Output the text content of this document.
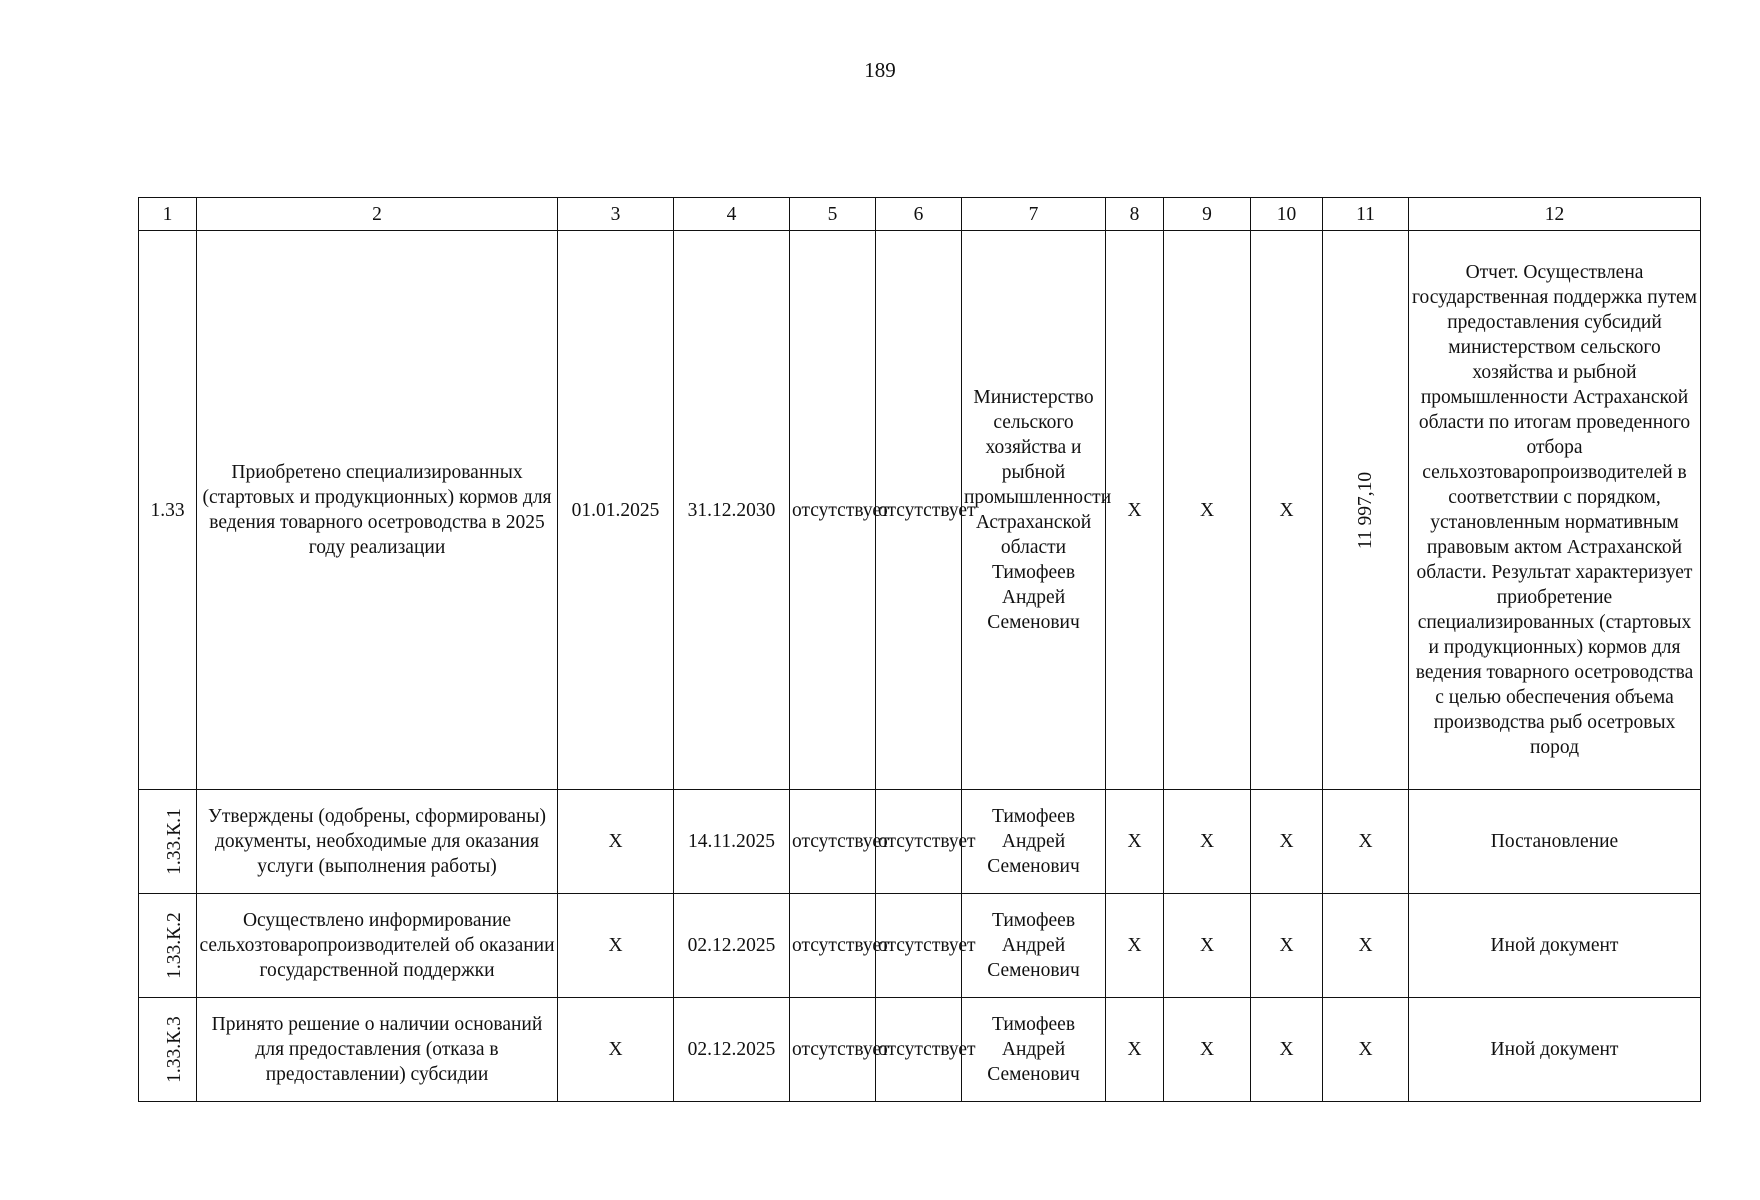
189
1	2	3	4	5	6	7	8	9	10	11	12
1.33	Приобретено специализированных (стартовых и продукционных) кормов для ведения товарного осетроводства в 2025 году реализации	01.01.2025	31.12.2030	отсутствует	отсутствует	Министерство сельского хозяйства и рыбной промышленности Астраханской области Тимофеев Андрей Семенович	X	X	X	11 997,10	Отчет. Осуществлена государственная поддержка путем предоставления субсидий министерством сельского хозяйства и рыбной промышленности Астраханской области по итогам проведенного отбора сельхозтоваропроизводителей в соответствии с порядком, установленным нормативным правовым актом Астраханской области. Результат характеризует приобретение специализированных (стартовых и продукционных) кормов для ведения товарного осетроводства с целью обеспечения объема производства рыб осетровых пород
1.33.К.1	Утверждены (одобрены, сформированы) документы, необходимые для оказания услуги (выполнения работы)	X	14.11.2025	отсутствует	отсутствует	Тимофеев Андрей Семенович	X	X	X	X	Постановление
1.33.К.2	Осуществлено информирование сельхозтоваропроизводителей об оказании государственной поддержки	X	02.12.2025	отсутствует	отсутствует	Тимофеев Андрей Семенович	X	X	X	X	Иной документ
1.33.К.3	Принято решение о наличии оснований для предоставления (отказа в предоставлении) субсидии	X	02.12.2025	отсутствует	отсутствует	Тимофеев Андрей Семенович	X	X	X	X	Иной документ
